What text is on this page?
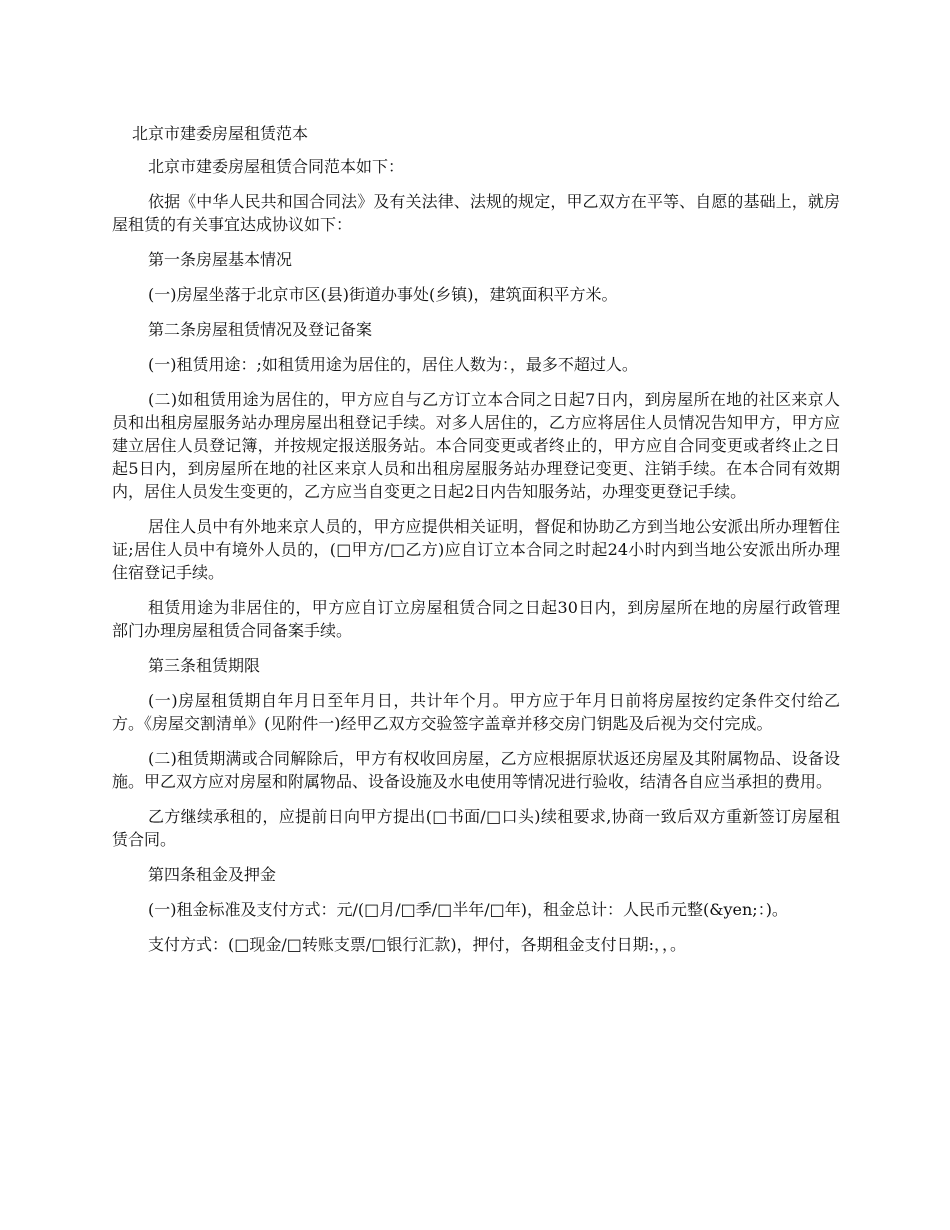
北京市建委房屋租赁范本

北京市建委房屋租赁合同范本如下：

依据《中华人民共和国合同法》及有关法律、法规的规定，甲乙双方在平等、自愿的基础上，就房屋租赁的有关事宜达成协议如下：

第一条房屋基本情况

(一)房屋坐落于北京市区(县)街道办事处(乡镇)，建筑面积平方米。

第二条房屋租赁情况及登记备案

(一)租赁用途：;如租赁用途为居住的，居住人数为：，最多不超过人。

(二)如租赁用途为居住的，甲方应自与乙方订立本合同之日起7日内，到房屋所在地的社区来京人员和出租房屋服务站办理房屋出租登记手续。对多人居住的，乙方应将居住人员情况告知甲方，甲方应建立居住人员登记簿，并按规定报送服务站。本合同变更或者终止的，甲方应自合同变更或者终止之日起5日内，到房屋所在地的社区来京人员和出租房屋服务站办理登记变更、注销手续。在本合同有效期内，居住人员发生变更的，乙方应当自变更之日起2日内告知服务站，办理变更登记手续。

居住人员中有外地来京人员的，甲方应提供相关证明，督促和协助乙方到当地公安派出所办理暂住证;居住人员中有境外人员的，(□甲方/□乙方)应自订立本合同之时起24小时内到当地公安派出所办理住宿登记手续。

租赁用途为非居住的，甲方应自订立房屋租赁合同之日起30日内，到房屋所在地的房屋行政管理部门办理房屋租赁合同备案手续。

第三条租赁期限

(一)房屋租赁期自年月日至年月日，共计年个月。甲方应于年月日前将房屋按约定条件交付给乙方。《房屋交割清单》(见附件一)经甲乙双方交验签字盖章并移交房门钥匙及后视为交付完成。

(二)租赁期满或合同解除后，甲方有权收回房屋，乙方应根据原状返还房屋及其附属物品、设备设施。甲乙双方应对房屋和附属物品、设备设施及水电使用等情况进行验收，结清各自应当承担的费用。

乙方继续承租的，应提前日向甲方提出(□书面/□口头)续租要求,协商一致后双方重新签订房屋租赁合同。

第四条租金及押金

(一)租金标准及支付方式：元/(□月/□季/□半年/□年)，租金总计：人民币元整(&yen;：)。

支付方式：(□现金/□转账支票/□银行汇款)，押付，各期租金支付日期:，，。
